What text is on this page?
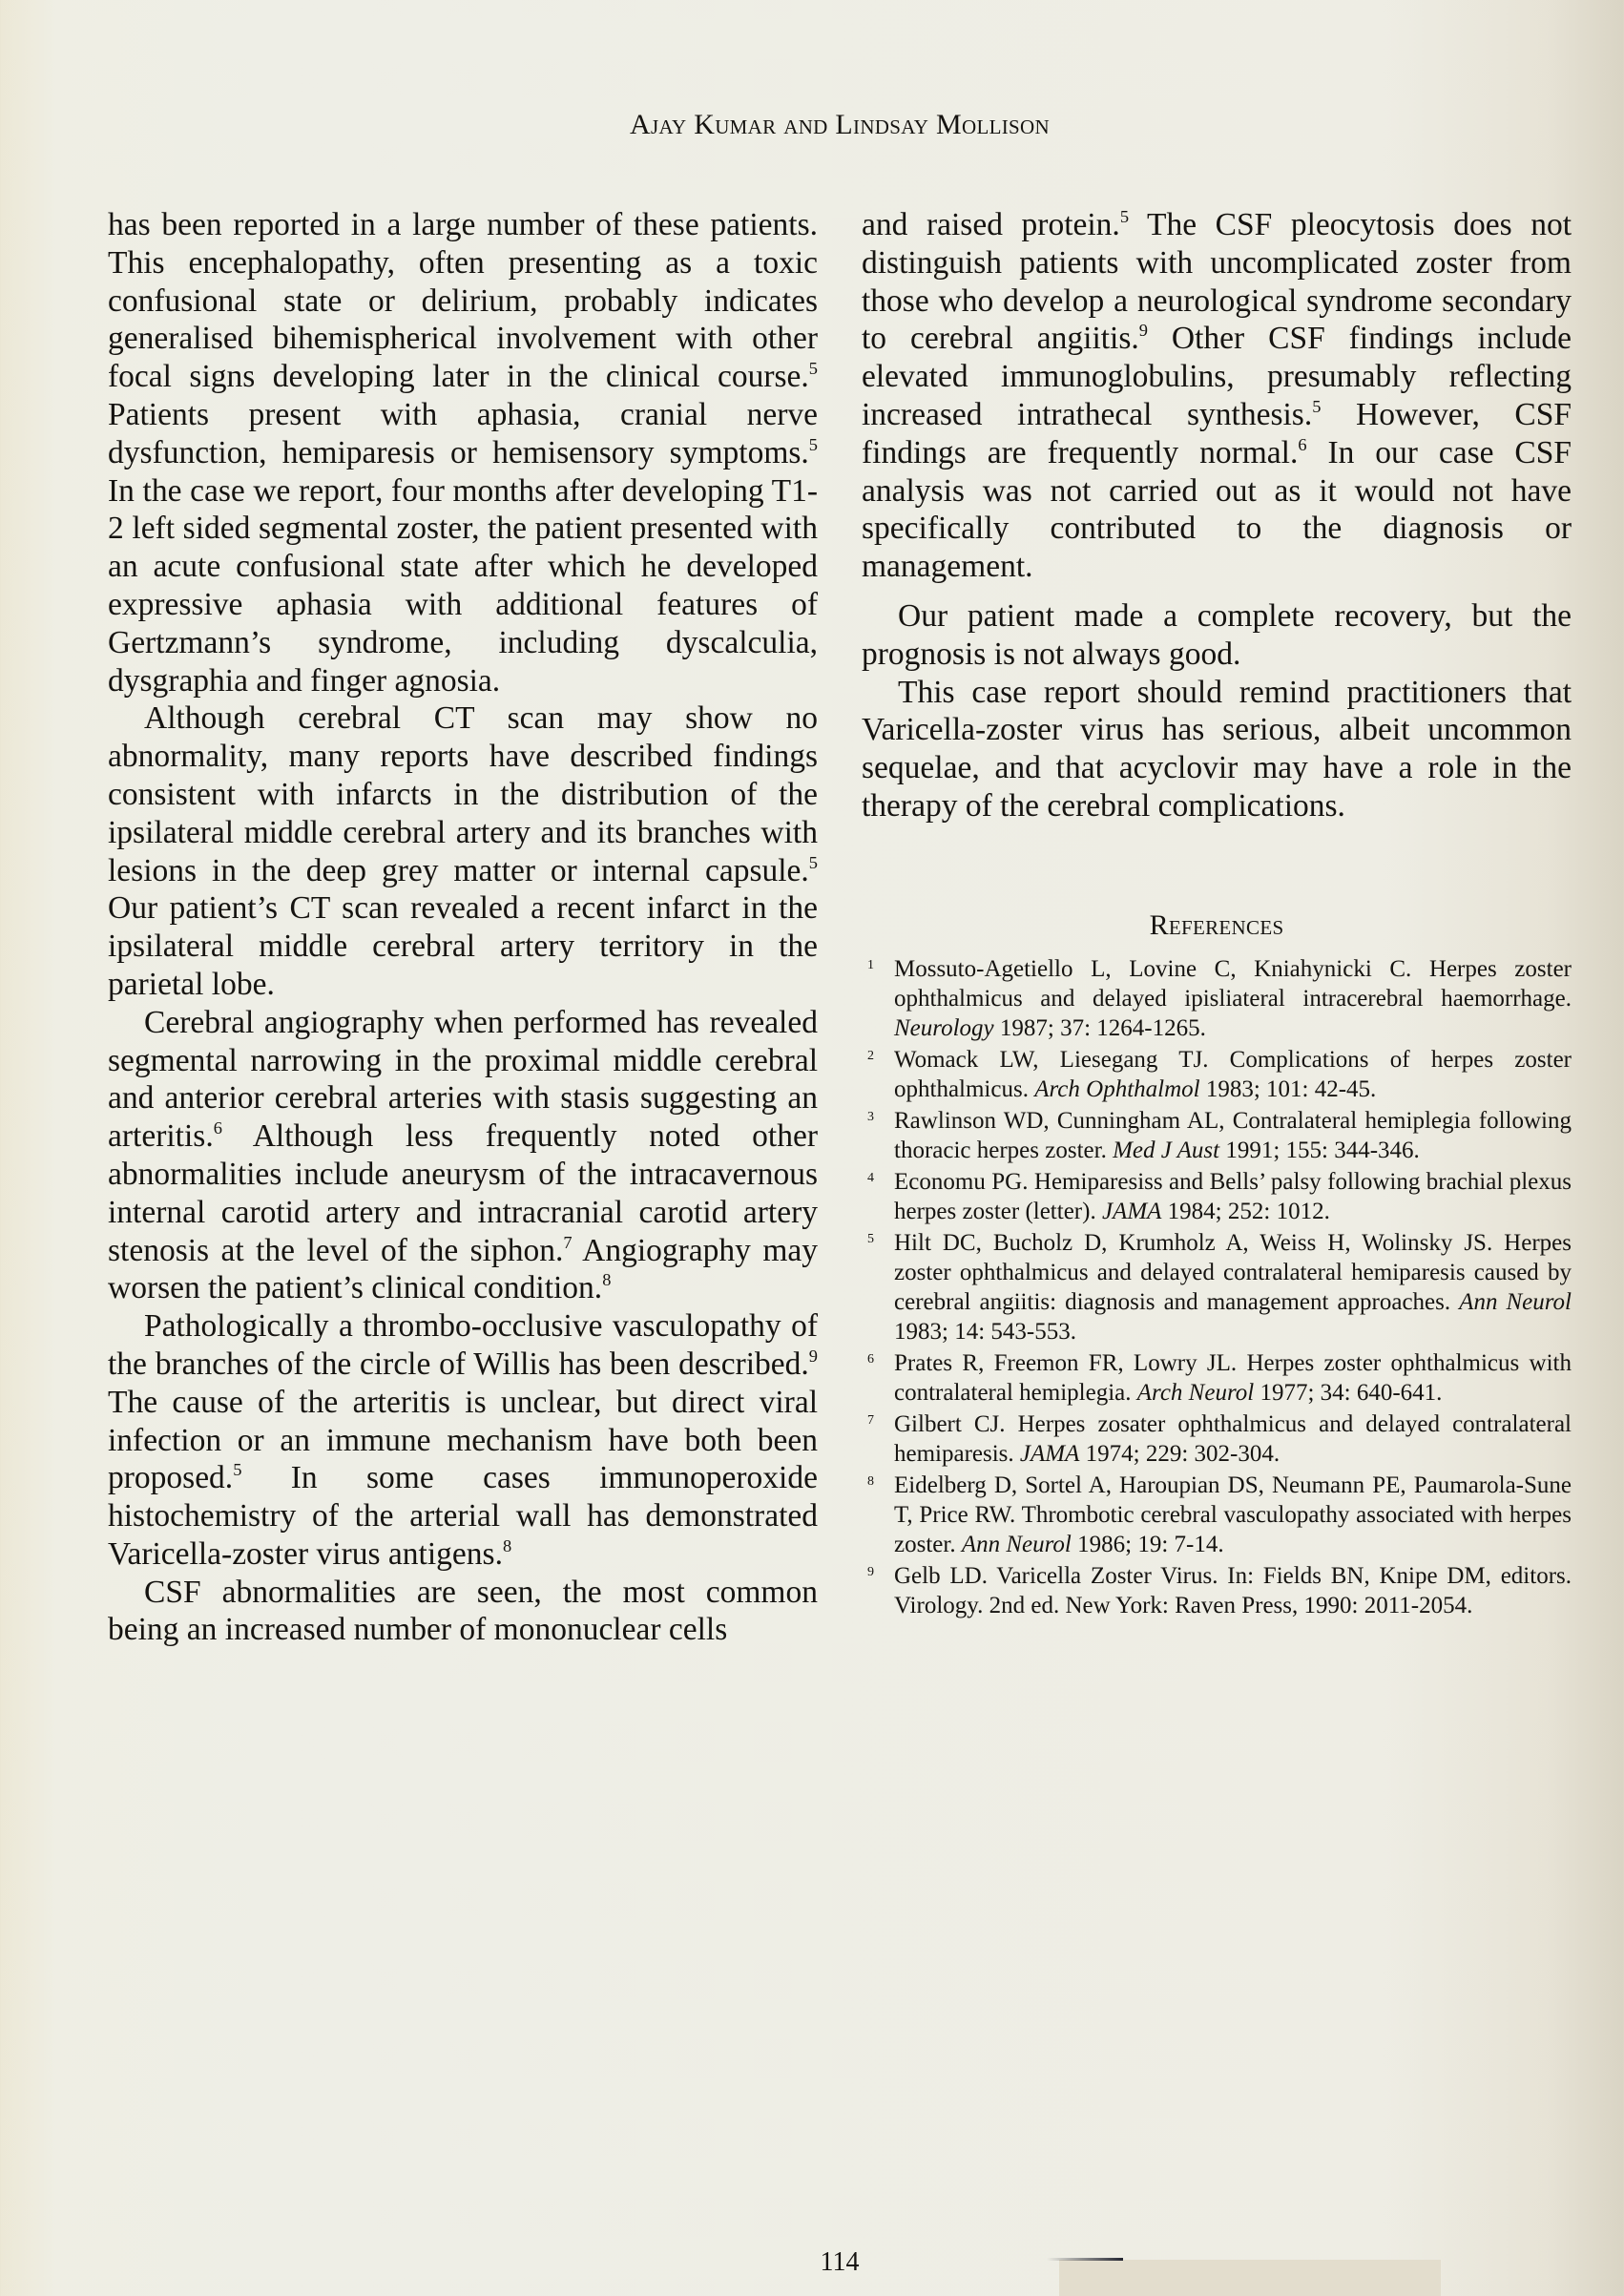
Ajay Kumar and Lindsay Mollison

has been reported in a large number of these patients. This encephalopathy, often presenting as a toxic confusional state or delirium, probably indicates generalised bihemispherical involvement with other focal signs developing later in the clinical course.$^5$ Patients present with aphasia, cranial nerve dysfunction, hemiparesis or hemisensory symptoms.$^5$ In the case we report, four months after developing T1-2 left sided segmental zoster, the patient presented with an acute confusional state after which he developed expressive aphasia with additional features of Gertzmann’s syndrome, including dyscalculia, dysgraphia and finger agnosia.

Although cerebral CT scan may show no abnormality, many reports have described findings consistent with infarcts in the distribution of the ipsilateral middle cerebral artery and its branches with lesions in the deep grey matter or internal capsule.$^5$ Our patient’s CT scan revealed a recent infarct in the ipsilateral middle cerebral artery territory in the parietal lobe.

Cerebral angiography when performed has revealed segmental narrowing in the proximal middle cerebral and anterior cerebral arteries with stasis suggesting an arteritis.$^6$ Although less frequently noted other abnormalities include aneurysm of the intracavernous internal carotid artery and intracranial carotid artery stenosis at the level of the siphon.$^7$ Angiography may worsen the patient’s clinical condition.$^8$

Pathologically a thrombo-occlusive vasculopathy of the branches of the circle of Willis has been described.$^9$ The cause of the arteritis is unclear, but direct viral infection or an immune mechanism have both been proposed.$^5$ In some cases immunoperoxide histochemistry of the arterial wall has demonstrated Varicella-zoster virus antigens.$^8$

CSF abnormalities are seen, the most common being an increased number of mononuclear cells

and raised protein.$^5$ The CSF pleocytosis does not distinguish patients with uncomplicated zoster from those who develop a neurological syndrome secondary to cerebral angiitis.$^9$ Other CSF findings include elevated immunoglobulins, presumably reflecting increased intrathecal synthesis.$^5$ However, CSF findings are frequently normal.$^6$ In our case CSF analysis was not carried out as it would not have specifically contributed to the diagnosis or management.

Our patient made a complete recovery, but the prognosis is not always good.

This case report should remind practitioners that Varicella-zoster virus has serious, albeit uncommon sequelae, and that acyclovir may have a role in the therapy of the cerebral complications.

References
1 Mossuto-Agetiello L, Lovine C, Kniahynicki C. Herpes zoster ophthalmicus and delayed ipisliateral intracerebral haemorrhage. Neurology 1987; 37: 1264-1265.
2 Womack LW, Liesegang TJ. Complications of herpes zoster ophthalmicus. Arch Ophthalmol 1983; 101: 42-45.
3 Rawlinson WD, Cunningham AL, Contralateral hemiplegia following thoracic herpes zoster. Med J Aust 1991; 155: 344-346.
4 Economu PG. Hemiparesiss and Bells’ palsy following brachial plexus herpes zoster (letter). JAMA 1984; 252: 1012.
5 Hilt DC, Bucholz D, Krumholz A, Weiss H, Wolinsky JS. Herpes zoster ophthalmicus and delayed contralateral hemiparesis caused by cerebral angiitis: diagnosis and management approaches. Ann Neurol 1983; 14: 543-553.
6 Prates R, Freemon FR, Lowry JL. Herpes zoster ophthalmicus with contralateral hemiplegia. Arch Neurol 1977; 34: 640-641.
7 Gilbert CJ. Herpes zosater ophthalmicus and delayed contralateral hemiparesis. JAMA 1974; 229: 302-304.
8 Eidelberg D, Sortel A, Haroupian DS, Neumann PE, Paumarola-Sune T, Price RW. Thrombotic cerebral vasculopathy associated with herpes zoster. Ann Neurol 1986; 19: 7-14.
9 Gelb LD. Varicella Zoster Virus. In: Fields BN, Knipe DM, editors. Virology. 2nd ed. New York: Raven Press, 1990: 2011-2054.
114
